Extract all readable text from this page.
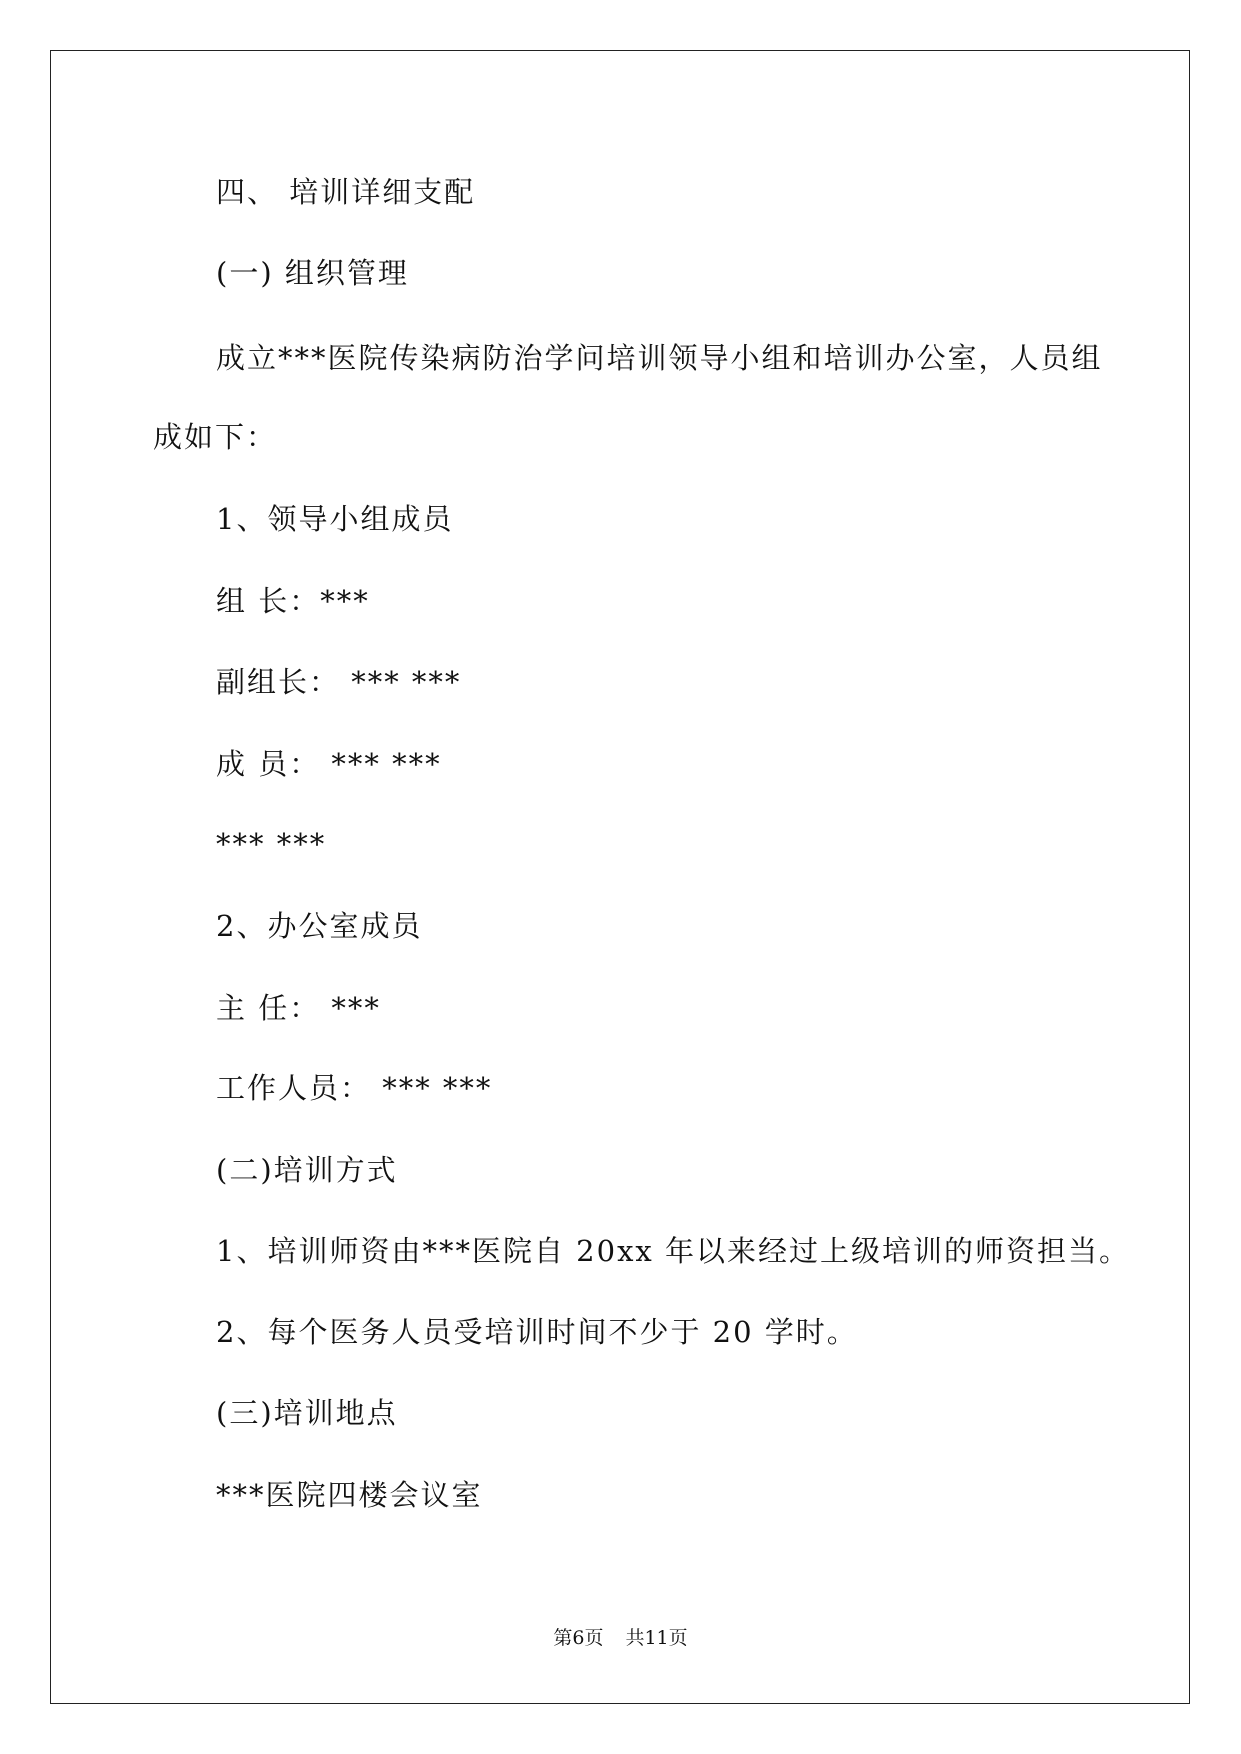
四、 培训详细支配
(一) 组织管理
成立***医院传染病防治学问培训领导小组和培训办公室，人员组
成如下：
1、领导小组成员
组 长：***
副组长： *** ***
成 员： *** ***
*** ***
2、办公室成员
主 任： ***
工作人员： *** ***
(二)培训方式
1、培训师资由***医院自 20xx 年以来经过上级培训的师资担当。
2、每个医务人员受培训时间不少于 20 学时。
(三)培训地点
***医院四楼会议室
第6页 共11页
